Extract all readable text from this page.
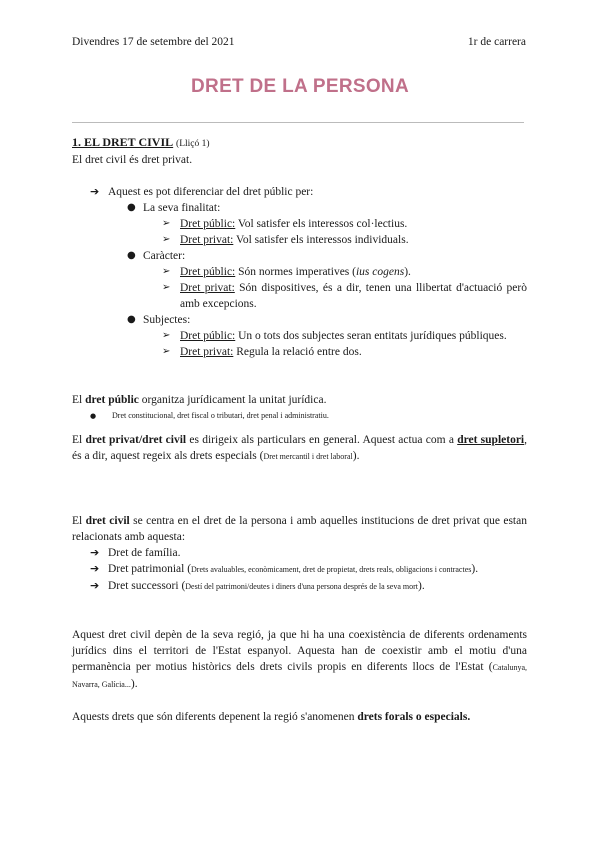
Divendres 17 de setembre del 2021	1r de carrera
DRET DE LA PERSONA
1. EL DRET CIVIL (Lliçó 1)
El dret civil és dret privat.
➔ Aquest es pot diferenciar del dret públic per:
● La seva finalitat:
➢ Dret públic: Vol satisfer els interessos col·lectius.
➢ Dret privat: Vol satisfer els interessos individuals.
● Caràcter:
➢ Dret públic: Són normes imperatives (ius cogens).
➢ Dret privat: Són dispositives, és a dir, tenen una llibertat d'actuació però amb excepcions.
● Subjectes:
➢ Dret públic: Un o tots dos subjectes seran entitats jurídiques públiques.
➢ Dret privat: Regula la relació entre dos.
El dret públic organitza jurídicament la unitat jurídica.
●	Dret constitucional, dret fiscal o tributari, dret penal i administratiu.
El dret privat/dret civil es dirigeix als particulars en general. Aquest actua com a dret supletori, és a dir, aquest regeix als drets especials (Dret mercantil i dret laboral).
El dret civil se centra en el dret de la persona i amb aquelles institucions de dret privat que estan relacionats amb aquesta:
➔ Dret de família.
➔ Dret patrimonial (Drets avaluables, econòmicament, dret de propietat, drets reals, obligacions i contractes).
➔ Dret successori (Destí del patrimoni/deutes i diners d'una persona després de la seva mort).
Aquest dret civil depèn de la seva regió, ja que hi ha una coexistència de diferents ordenaments jurídics dins el territori de l'Estat espanyol. Aquesta han de coexistir amb el motiu d'una permanència per motius històrics dels drets civils propis en diferents llocs de l'Estat (Catalunya, Navarra, Galícia...).
Aquests drets que són diferents depenent la regió s'anomenen drets forals o especials.
